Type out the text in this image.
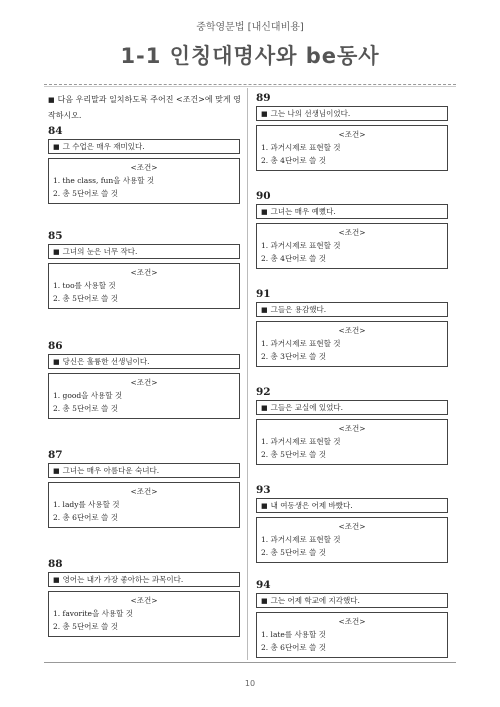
중학영문법 [내신대비용]
1-1 인칭대명사와 be동사
■ 다음 우리말과 일치하도록 주어진 <조건>에 맞게 영작하시오.
84
■ 그 수업은 매우 재미있다.
<조건>
1. the class, fun을 사용할 것
2. 총 5단어로 쓸 것
85
■ 그녀의 눈은 너무 작다.
<조건>
1. too를 사용할 것
2. 총 5단어로 쓸 것
86
■ 당신은 훌륭한 선생님이다.
<조건>
1. good을 사용할 것
2. 총 5단어로 쓸 것
87
■ 그녀는 매우 아름다운 숙녀다.
<조건>
1. lady를 사용할 것
2. 총 6단어로 쓸 것
88
■ 영어는 내가 가장 좋아하는 과목이다.
<조건>
1. favorite을 사용할 것
2. 총 5단어로 쓸 것
89
■ 그는 나의 선생님이었다.
<조건>
1. 과거시제로 표현할 것
2. 총 4단어로 쓸 것
90
■ 그녀는 매우 예뻤다.
<조건>
1. 과거시제로 표현할 것
2. 총 4단어로 쓸 것
91
■ 그들은 용감했다.
<조건>
1. 과거시제로 표현할 것
2. 총 3단어로 쓸 것
92
■ 그들은 교실에 있었다.
<조건>
1. 과거시제로 표현할 것
2. 총 5단어로 쓸 것
93
■ 내 여동생은 어제 바빴다.
<조건>
1. 과거시제로 표현할 것
2. 총 5단어로 쓸 것
94
■ 그는 어제 학교에 지각했다.
<조건>
1. late를 사용할 것
2. 총 6단어로 쓸 것
10
